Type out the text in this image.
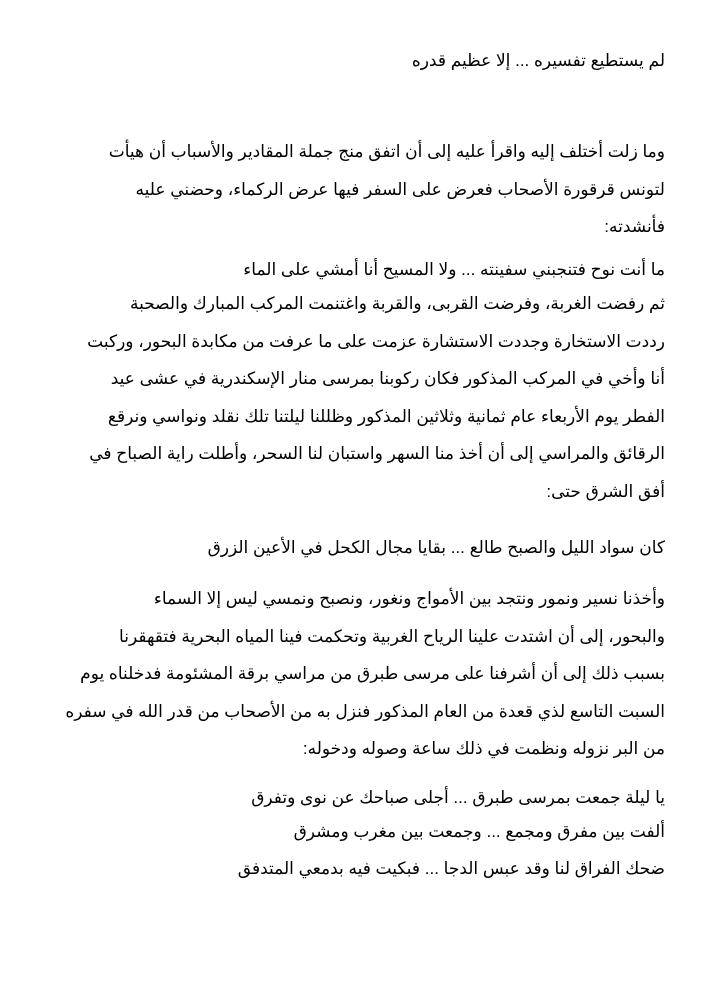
لم يستطيع تفسيره ... إلا عظيم قدره
وما زلت أختلف إليه واقرأ عليه إلى أن اتفق منج جملة المقادير والأسباب أن هيأت
لتونس قرقورة الأصحاب فعرض على السفر فيها عرض الركماء، وحضني عليه
فأنشدته:
ما أنت نوح فتنجبني سفينته ... ولا المسيح أنا أمشي على الماء
ثم رفضت الغربة، وفرضت القربى، والقربة واغتنمت المركب المبارك والصحبة
رددت الاستخارة وجددت الاستشارة عزمت على ما عرفت من مكابدة البحور، وركبت
أنا وأخي في المركب المذكور فكان ركوبنا بمرسى منار الإسكندرية في عشى عيد
الفطر يوم الأربعاء عام ثمانية وثلاثين المذكور وظللنا ليلتنا تلك نقلد ونواسي ونرقع
الرقائق والمراسي إلى أن أخذ منا السهر واستبان لنا السحر، وأطلت راية الصباح في
أفق الشرق حتى:
كان سواد الليل والصبح طالع ... بقايا مجال الكحل في الأعين الزرق
وأخذنا نسير ونمور ونتجد بين الأمواج ونغور، ونصبح ونمسي ليس إلا السماء
والبحور، إلى أن اشتدت علينا الرياح الغربية وتحكمت فينا المياه البحرية فتقهقرنا
بسبب ذلك إلى أن أشرفنا على مرسى طبرق من مراسي برقة المشئومة فدخلناه يوم
السبت التاسع لذي قعدة من العام المذكور فنزل به من الأصحاب من قدر الله في سفره
من البر نزوله ونظمت في ذلك ساعة وصوله ودخوله:
يا ليلة جمعت بمرسى طبرق ... أجلى صباحك عن نوى وتفرق
ألفت بين مفرق ومجمع ... وجمعت بين مغرب ومشرق
ضحك الفراق لنا وقد عبس الدجا ... فبكيت فيه بدمعي المتدفق
